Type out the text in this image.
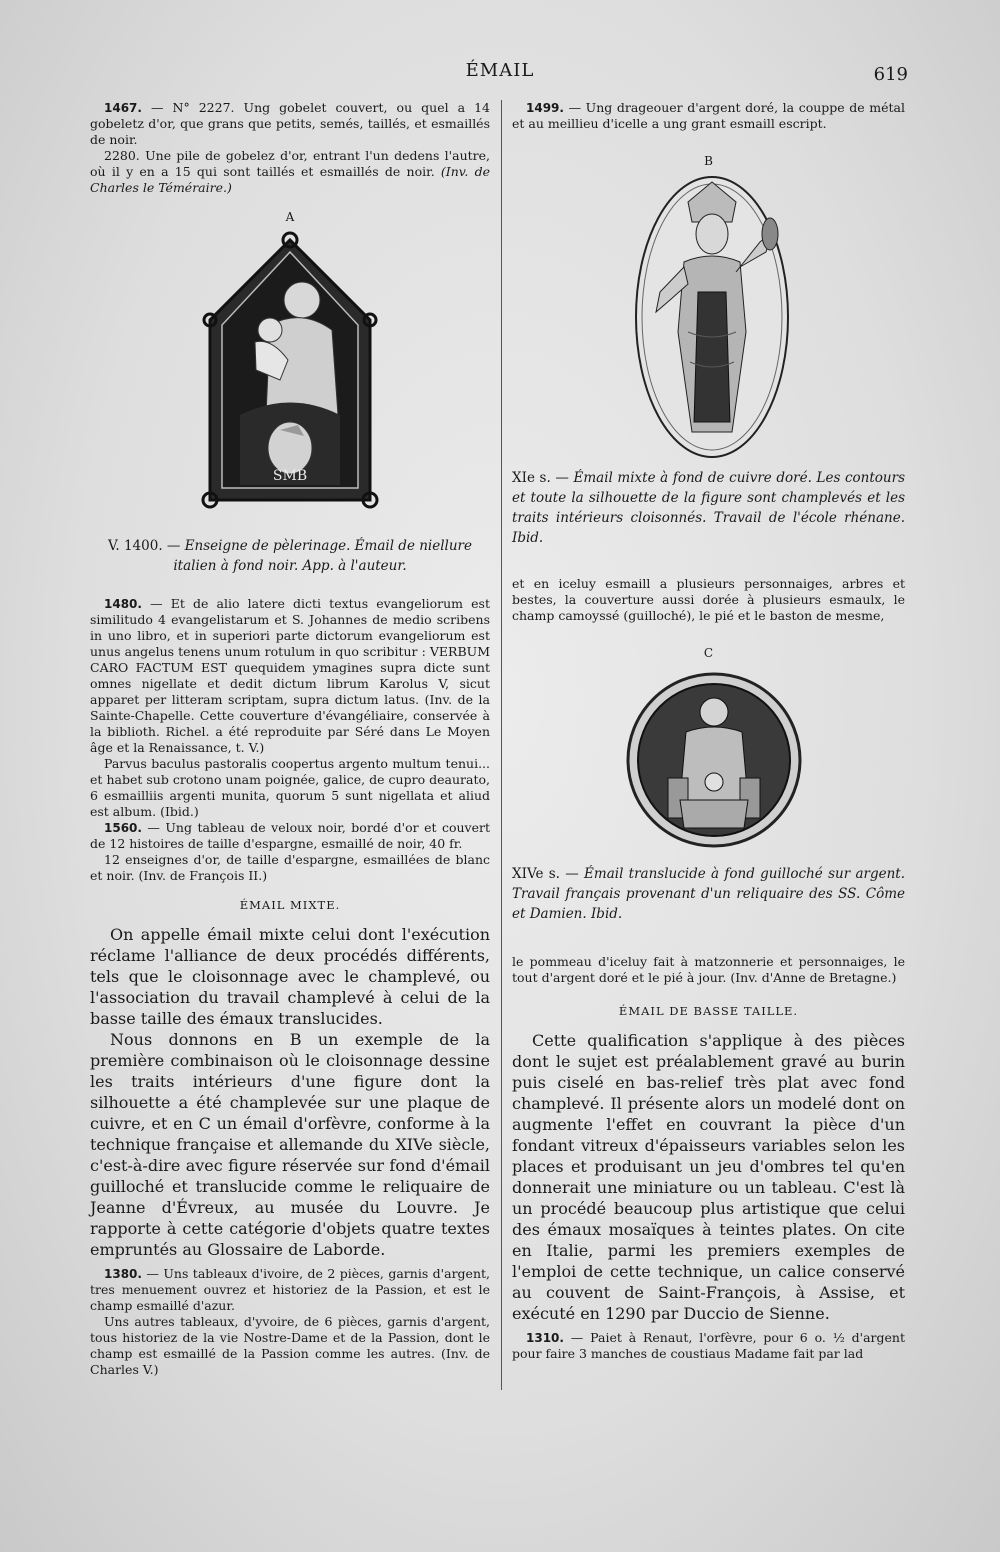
ÉMAIL	619

1467. — N° 2227. Ung gobelet couvert, ou quel a 14 gobeletz d'or, que grans que petits, semés, taillés, et esmaillés de noir.

2280. Une pile de gobelez d'or, entrant l'un dedens l'autre, où il y en a 15 qui sont taillés et esmaillés de noir. (Inv. de Charles le Téméraire.)

A
SMB

V. 1400. — Enseigne de pèlerinage. Émail de niellure italien à fond noir. App. à l'auteur.

1480. — Et de alio latere dicti textus evangeliorum est similitudo 4 evangelistarum et S. Johannes de medio scribens in uno libro, et in superiori parte dictorum evangeliorum est unus angelus tenens unum rotulum in quo scribitur : VERBUM CARO FACTUM EST quequidem ymagines supra dicte sunt omnes nigellate et dedit dictum librum Karolus V, sicut apparet per litteram scriptam, supra dictum latus. (Inv. de la Sainte-Chapelle. Cette couverture d'évangéliaire, conservée à la biblioth. Richel. a été reproduite par Séré dans Le Moyen âge et la Renaissance, t. V.)

Parvus baculus pastoralis coopertus argento multum tenui... et habet sub crotono unam poignée, galice, de cupro deaurato, 6 esmailliis argenti munita, quorum 5 sunt nigellata et aliud est album. (Ibid.)

1560. — Ung tableau de veloux noir, bordé d'or et couvert de 12 histoires de taille d'espargne, esmaillé de noir, 40 fr.

12 enseignes d'or, de taille d'espargne, esmaillées de blanc et noir. (Inv. de François II.)

ÉMAIL MIXTE.

On appelle émail mixte celui dont l'exécution réclame l'alliance de deux procédés différents, tels que le cloisonnage avec le champlevé, ou l'association du travail champlevé à celui de la basse taille des émaux translucides.

Nous donnons en B un exemple de la première combinaison où le cloisonnage dessine les traits intérieurs d'une figure dont la silhouette a été champlevée sur une plaque de cuivre, et en C un émail d'orfèvre, conforme à la technique française et allemande du XIVe siècle, c'est-à-dire avec figure réservée sur fond d'émail guilloché et translucide comme le reliquaire de Jeanne d'Évreux, au musée du Louvre. Je rapporte à cette catégorie d'objets quatre textes empruntés au Glossaire de Laborde.

1380. — Uns tableaux d'ivoire, de 2 pièces, garnis d'argent, tres menuement ouvrez et historiez de la Passion, et est le champ esmaillé d'azur.

Uns autres tableaux, d'yvoire, de 6 pièces, garnis d'argent, tous historiez de la vie Nostre-Dame et de la Passion, dont le champ est esmaillé de la Passion comme les autres. (Inv. de Charles V.)

1499. — Ung drageouer d'argent doré, la couppe de métal et au meillieu d'icelle a ung grant esmaill escript.

B

XIe s. — Émail mixte à fond de cuivre doré. Les contours et toute la silhouette de la figure sont champlevés et les traits intérieurs cloisonnés. Travail de l'école rhénane. Ibid.

et en iceluy esmaill a plusieurs personnaiges, arbres et bestes, la couverture aussi dorée à plusieurs esmaulx, le champ camoyssé (guilloché), le pié et le baston de mesme,

C

XIVe s. — Émail translucide à fond guilloché sur argent. Travail français provenant d'un reliquaire des SS. Côme et Damien. Ibid.

le pommeau d'iceluy fait à matzonnerie et personnaiges, le tout d'argent doré et le pié à jour. (Inv. d'Anne de Bretagne.)

ÉMAIL DE BASSE TAILLE.

Cette qualification s'applique à des pièces dont le sujet est préalablement gravé au burin puis ciselé en bas-relief très plat avec fond champlevé. Il présente alors un modelé dont on augmente l'effet en couvrant la pièce d'un fondant vitreux d'épaisseurs variables selon les places et produisant un jeu d'ombres tel qu'en donnerait une miniature ou un tableau. C'est là un procédé beaucoup plus artistique que celui des émaux mosaïques à teintes plates. On cite en Italie, parmi les premiers exemples de l'emploi de cette technique, un calice conservé au couvent de Saint-François, à Assise, et exécuté en 1290 par Duccio de Sienne.

1310. — Paiet à Renaut, l'orfèvre, pour 6 o. ½ d'argent pour faire 3 manches de coustiaus Madame fait par lad
